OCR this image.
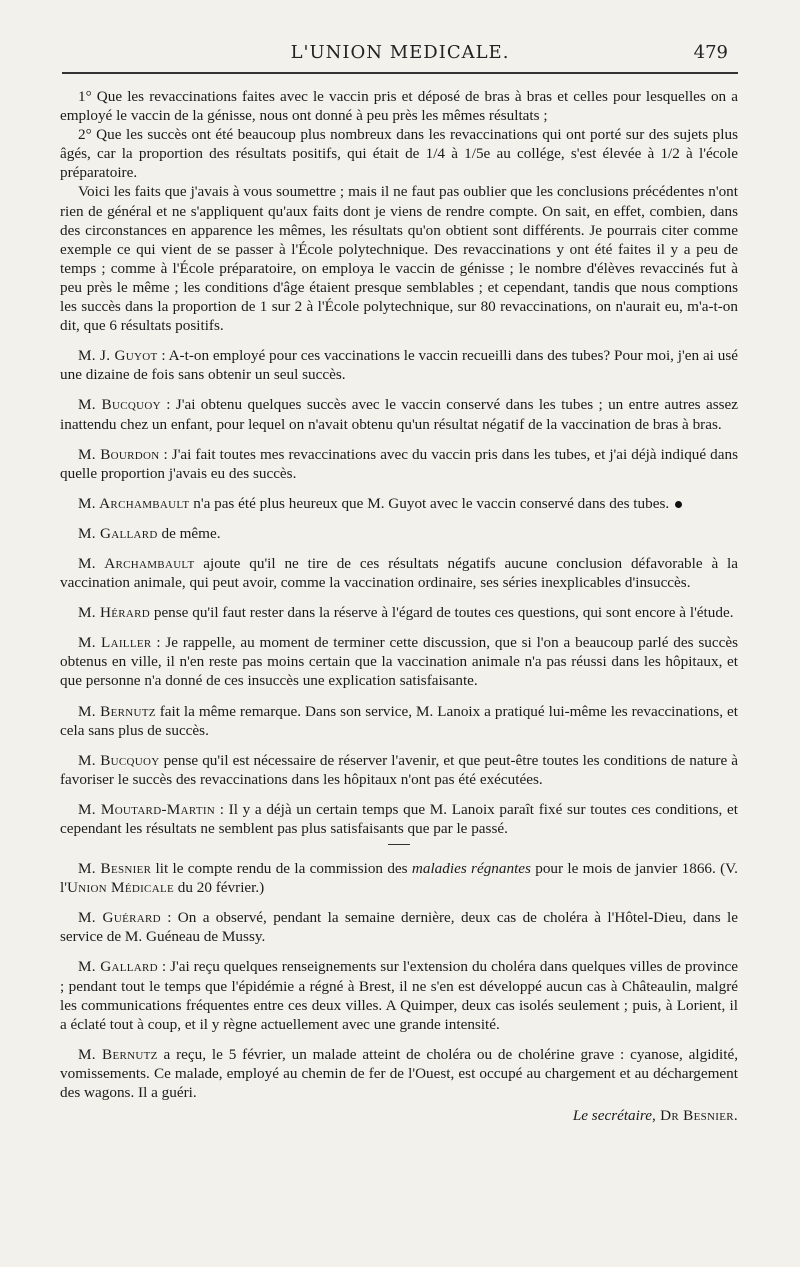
L'UNION MEDICALE.	479

1° Que les revaccinations faites avec le vaccin pris et déposé de bras à bras et celles pour lesquelles on a employé le vaccin de la génisse, nous ont donné à peu près les mêmes résultats ;

2° Que les succès ont été beaucoup plus nombreux dans les revaccinations qui ont porté sur des sujets plus âgés, car la proportion des résultats positifs, qui était de 1/4 à 1/5e au collége, s'est élevée à 1/2 à l'école préparatoire.

Voici les faits que j'avais à vous soumettre ; mais il ne faut pas oublier que les conclusions précédentes n'ont rien de général et ne s'appliquent qu'aux faits dont je viens de rendre compte. On sait, en effet, combien, dans des circonstances en apparence les mêmes, les résultats qu'on obtient sont différents. Je pourrais citer comme exemple ce qui vient de se passer à l'École polytechnique. Des revaccinations y ont été faites il y a peu de temps ; comme à l'École préparatoire, on employa le vaccin de génisse ; le nombre d'élèves revaccinés fut à peu près le même ; les conditions d'âge étaient presque semblables ; et cependant, tandis que nous comptions les succès dans la proportion de 1 sur 2 à l'École polytechnique, sur 80 revaccinations, on n'aurait eu, m'a-t-on dit, que 6 résultats positifs.

M. J. Guyot : A-t-on employé pour ces vaccinations le vaccin recueilli dans des tubes? Pour moi, j'en ai usé une dizaine de fois sans obtenir un seul succès.

M. Bucquoy : J'ai obtenu quelques succès avec le vaccin conservé dans les tubes ; un entre autres assez inattendu chez un enfant, pour lequel on n'avait obtenu qu'un résultat négatif de la vaccination de bras à bras.

M. Bourdon : J'ai fait toutes mes revaccinations avec du vaccin pris dans les tubes, et j'ai déjà indiqué dans quelle proportion j'avais eu des succès.

M. Archambault n'a pas été plus heureux que M. Guyot avec le vaccin conservé dans des tubes.

M. Gallard de même.

M. Archambault ajoute qu'il ne tire de ces résultats négatifs aucune conclusion défavorable à la vaccination animale, qui peut avoir, comme la vaccination ordinaire, ses séries inexplicables d'insuccès.

M. Hérard pense qu'il faut rester dans la réserve à l'égard de toutes ces questions, qui sont encore à l'étude.

M. Lailler : Je rappelle, au moment de terminer cette discussion, que si l'on a beaucoup parlé des succès obtenus en ville, il n'en reste pas moins certain que la vaccination animale n'a pas réussi dans les hôpitaux, et que personne n'a donné de ces insuccès une explication satisfaisante.

M. Bernutz fait la même remarque. Dans son service, M. Lanoix a pratiqué lui-même les revaccinations, et cela sans plus de succès.

M. Bucquoy pense qu'il est nécessaire de réserver l'avenir, et que peut-être toutes les conditions de nature à favoriser le succès des revaccinations dans les hôpitaux n'ont pas été exécutées.

M. Moutard-Martin : Il y a déjà un certain temps que M. Lanoix paraît fixé sur toutes ces conditions, et cependant les résultats ne semblent pas plus satisfaisants que par le passé.

M. Besnier lit le compte rendu de la commission des maladies régnantes pour le mois de janvier 1866. (V. l'Union Médicale du 20 février.)

M. Guérard : On a observé, pendant la semaine dernière, deux cas de choléra à l'Hôtel-Dieu, dans le service de M. Guéneau de Mussy.

M. Gallard : J'ai reçu quelques renseignements sur l'extension du choléra dans quelques villes de province ; pendant tout le temps que l'épidémie a régné à Brest, il ne s'en est développé aucun cas à Châteaulin, malgré les communications fréquentes entre ces deux villes. A Quimper, deux cas isolés seulement ; puis, à Lorient, il a éclaté tout à coup, et il y règne actuellement avec une grande intensité.

M. Bernutz a reçu, le 5 février, un malade atteint de choléra ou de cholérine grave : cyanose, algidité, vomissements. Ce malade, employé au chemin de fer de l'Ouest, est occupé au chargement et au déchargement des wagons. Il a guéri.

Le secrétaire, Dr Besnier.
